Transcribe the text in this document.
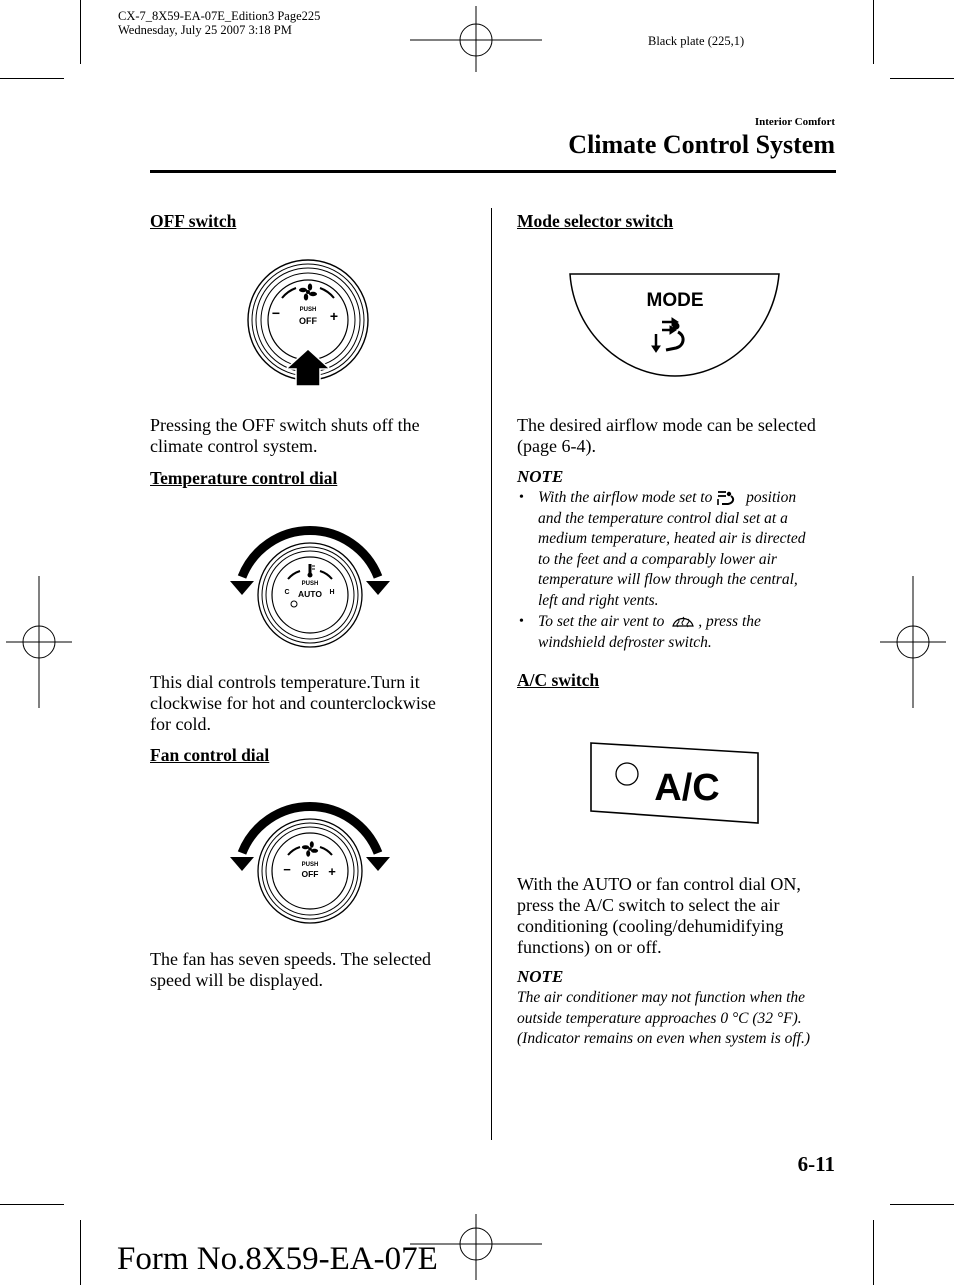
CX-7_8X59-EA-07E_Edition3 Page225
Wednesday, July 25 2007 3:18 PM
Black plate (225,1)
Interior Comfort
Climate Control System
OFF switch
PUSH
OFF
−	+
Pressing the OFF switch shuts off the
climate control system.
Temperature control dial
PUSH
AUTO
C	H
This dial controls temperature.Turn it
clockwise for hot and counterclockwise
for cold.
Fan control dial
PUSH
OFF
−	+
The fan has seven speeds. The selected
speed will be displayed.
Mode selector switch
MODE
The desired airflow mode can be selected
(page 6-4).
NOTE
• With the airflow mode set to position
and the temperature control dial set at a
medium temperature, heated air is directed
to the feet and a comparably lower air
temperature will flow through the central,
left and right vents.
• To set the air vent to , press the
windshield defroster switch.
A/C switch
A/C
With the AUTO or fan control dial ON,
press the A/C switch to select the air
conditioning (cooling/dehumidifying
functions) on or off.
NOTE
The air conditioner may not function when the
outside temperature approaches 0 °C (32 °F).
(Indicator remains on even when system is off.)
6-11
Form No.8X59-EA-07E
